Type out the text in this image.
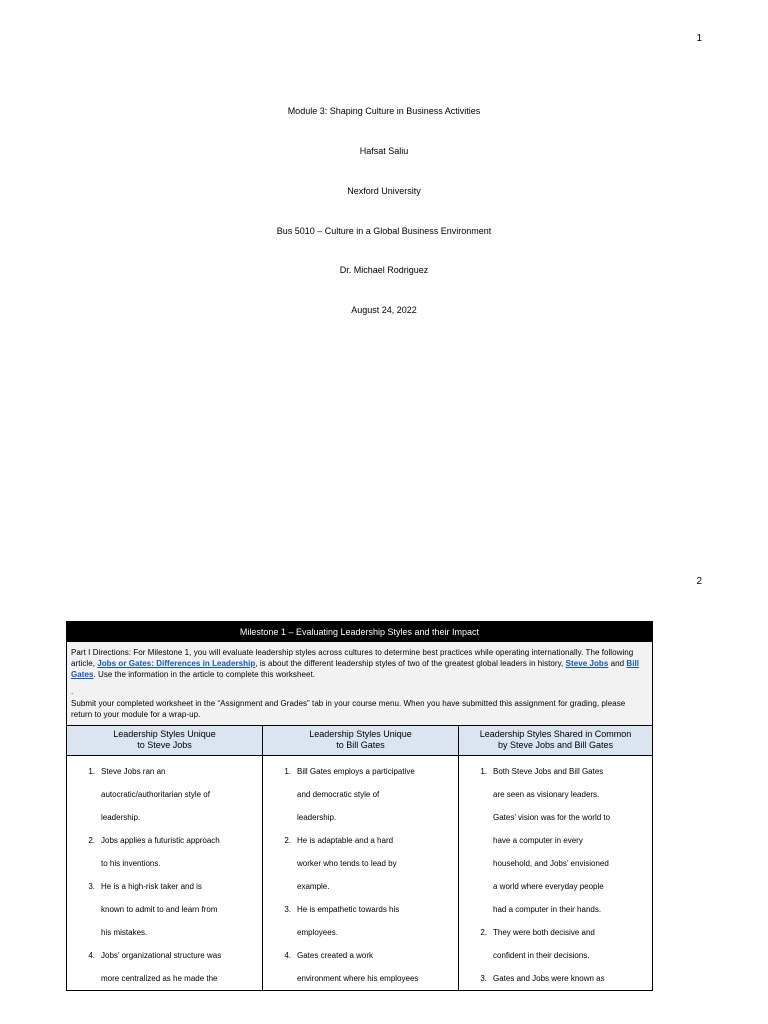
1
Module 3: Shaping Culture in Business Activities
Hafsat Saliu
Nexford University
Bus 5010 – Culture in a Global Business Environment
Dr. Michael Rodriguez
August 24, 2022
2
Milestone 1 – Evaluating Leadership Styles and their Impact
Part I Directions: For Milestone 1, you will evaluate leadership styles across cultures to determine best practices while operating internationally. The following article, Jobs or Gates: Differences in Leadership, is about the different leadership styles of two of the greatest global leaders in history, Steve Jobs and Bill Gates. Use the information in the article to complete this worksheet.
.
Submit your completed worksheet in the “Assignment and Grades” tab in your course menu. When you have submitted this assignment for grading, please return to your module for a wrap-up.
Leadership Styles Unique
to Steve Jobs
Leadership Styles Unique
to Bill Gates
Leadership Styles Shared in Common
by Steve Jobs and Bill Gates
1. Steve Jobs ran an
autocratic/authoritarian style of
leadership.
2. Jobs applies a futuristic approach
to his inventions.
3. He is a high-risk taker and is
known to admit to and learn from
his mistakes.
4. Jobs’ organizational structure was
more centralized as he made the
1. Bill Gates employs a participative
and democratic style of
leadership.
2. He is adaptable and a hard
worker who tends to lead by
example.
3. He is empathetic towards his
employees.
4. Gates created a work
environment where his employees
1. Both Steve Jobs and Bill Gates
are seen as visionary leaders.
Gates’ vision was for the world to
have a computer in every
household, and Jobs’ envisioned
a world where everyday people
had a computer in their hands.
2. They were both decisive and
confident in their decisions.
3. Gates and Jobs were known as
